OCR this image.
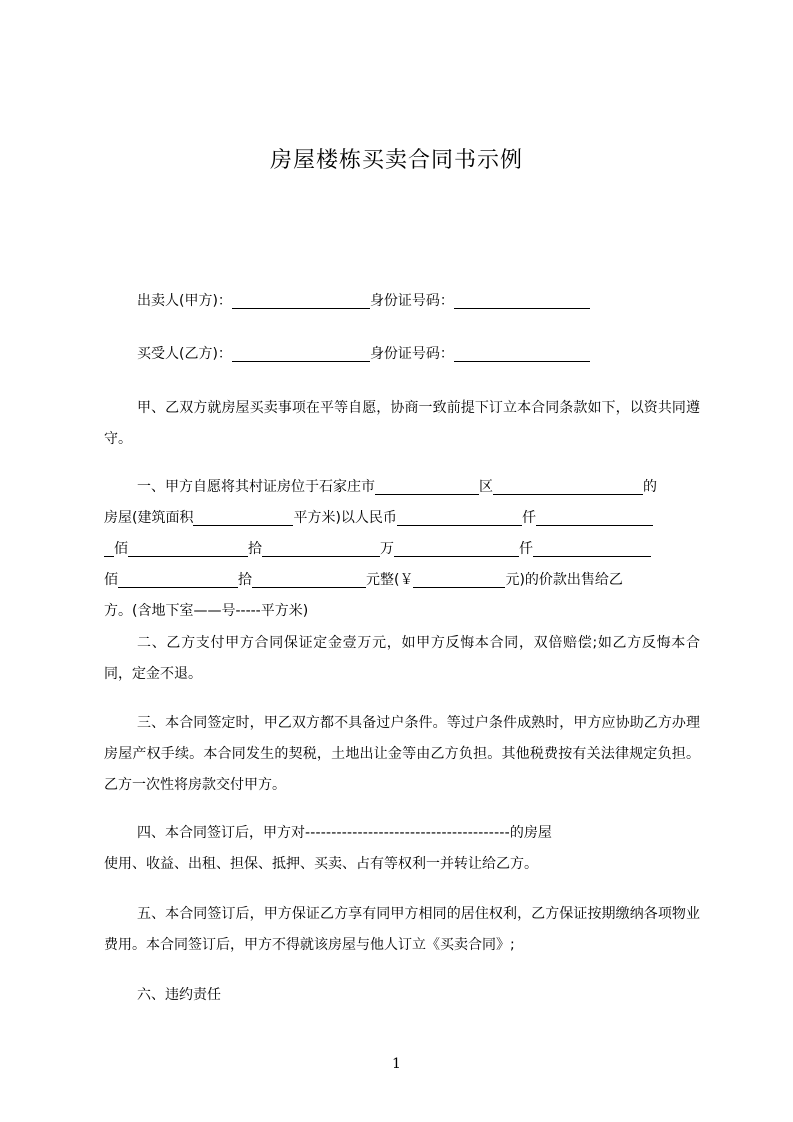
房屋楼栋买卖合同书示例
出卖人(甲方)：	身份证号码：
买受人(乙方)：	身份证号码：

甲、乙双方就房屋买卖事项在平等自愿，协商一致前提下订立本合同条款如下，以资共同遵守。

一、甲方自愿将其村证房位于石家庄市	区	的
房屋(建筑面积	平方米)以人民币	仟
佰	拾	万	仟
佰	拾	元整(￥	元)的价款出售给乙
方。(含地下室——号-----平方米)

二、乙方支付甲方合同保证定金壹万元，如甲方反悔本合同，双倍赔偿;如乙方反悔本合同，定金不退。

三、本合同签定时，甲乙双方都不具备过户条件。等过户条件成熟时，甲方应协助乙方办理房屋产权手续。本合同发生的契税，土地出让金等由乙方负担。其他税费按有关法律规定负担。乙方一次性将房款交付甲方。

四、本合同签订后，甲方对---------------------------------------的房屋
使用、收益、出租、担保、抵押、买卖、占有等权利一并转让给乙方。

五、本合同签订后，甲方保证乙方享有同甲方相同的居住权利，乙方保证按期缴纳各项物业费用。本合同签订后，甲方不得就该房屋与他人订立《买卖合同》;

六、违约责任

1
